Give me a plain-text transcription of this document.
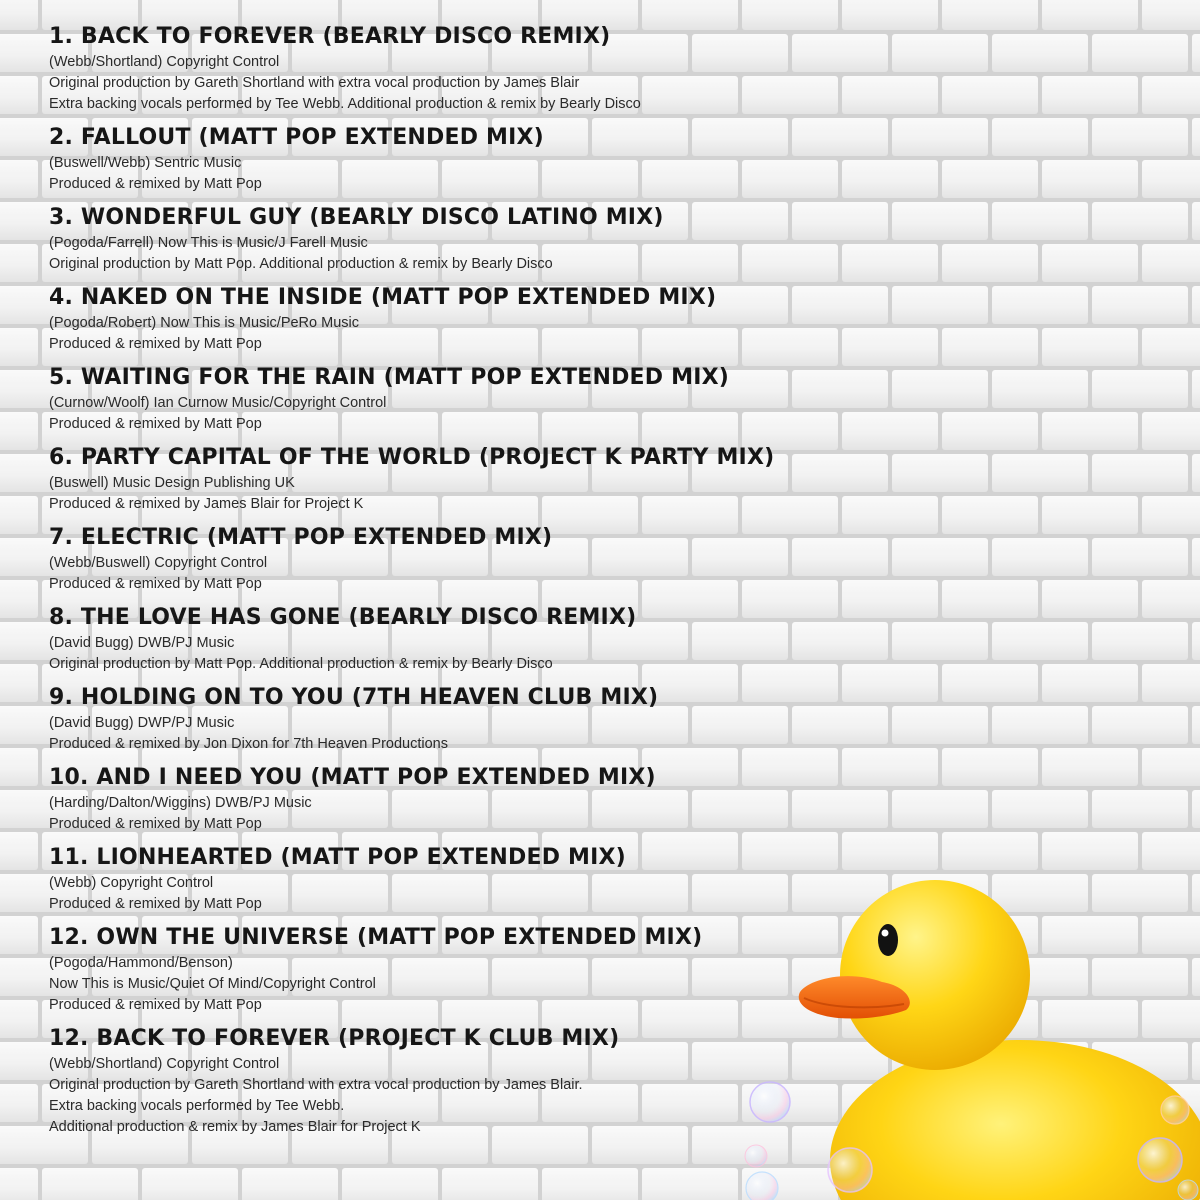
1. BACK TO FOREVER (BEARLY DISCO REMIX)
(Webb/Shortland) Copyright Control
Original production by Gareth Shortland with extra vocal production by James Blair
Extra backing vocals performed by Tee Webb. Additional production & remix by Bearly Disco
2. FALLOUT (MATT POP EXTENDED MIX)
(Buswell/Webb) Sentric Music
Produced & remixed by Matt Pop
3. WONDERFUL GUY (BEARLY DISCO LATINO MIX)
(Pogoda/Farrell) Now This is Music/J Farell Music
Original production by Matt Pop. Additional production & remix by Bearly Disco
4. NAKED ON THE INSIDE (MATT POP EXTENDED MIX)
(Pogoda/Robert) Now This is Music/PeRo Music
Produced & remixed by Matt Pop
5. WAITING FOR THE RAIN (MATT POP EXTENDED MIX)
(Curnow/Woolf) Ian Curnow Music/Copyright Control
Produced & remixed by Matt Pop
6. PARTY CAPITAL OF THE WORLD (PROJECT K PARTY MIX)
(Buswell) Music Design Publishing UK
Produced & remixed by James Blair for Project K
7. ELECTRIC (MATT POP EXTENDED MIX)
(Webb/Buswell) Copyright Control
Produced & remixed by Matt Pop
8. THE LOVE HAS GONE (BEARLY DISCO REMIX)
(David Bugg) DWB/PJ Music
Original production by Matt Pop. Additional production & remix by Bearly Disco
9. HOLDING ON TO YOU (7TH HEAVEN CLUB MIX)
(David Bugg) DWP/PJ Music
Produced & remixed by Jon Dixon for 7th Heaven Productions
10. AND I NEED YOU (MATT POP EXTENDED MIX)
(Harding/Dalton/Wiggins) DWB/PJ Music
Produced & remixed by Matt Pop
11. LIONHEARTED (MATT POP EXTENDED MIX)
(Webb) Copyright Control
Produced & remixed by Matt Pop
12. OWN THE UNIVERSE (MATT POP EXTENDED MIX)
(Pogoda/Hammond/Benson)
Now This is Music/Quiet Of Mind/Copyright Control
Produced & remixed by Matt Pop
12. BACK TO FOREVER (PROJECT K CLUB MIX)
(Webb/Shortland) Copyright Control
Original production by Gareth Shortland with extra vocal production by James Blair.
Extra backing vocals performed by Tee Webb.
Additional production & remix by James Blair for Project K
